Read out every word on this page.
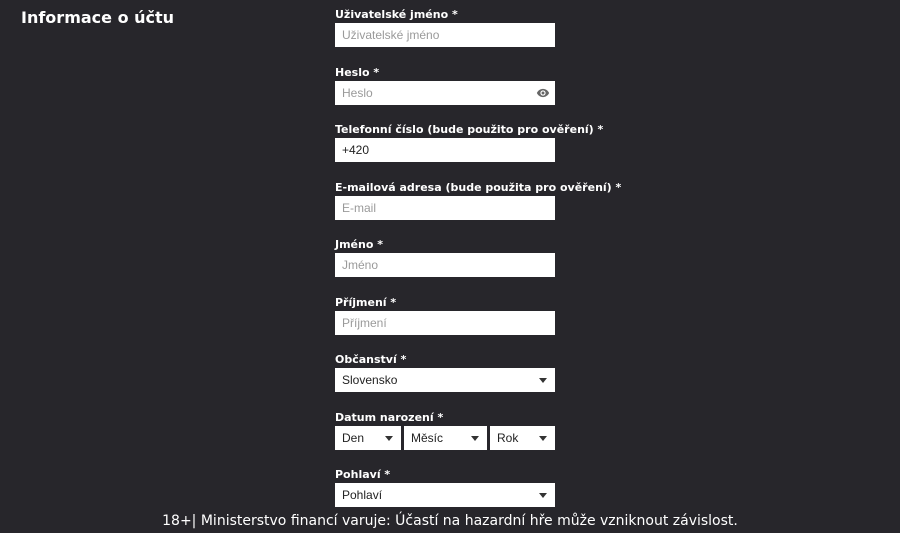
Informace o účtu	Uživatelské jméno *
Uživatelské jméno
Heslo *
Telefonní číslo (bude použito pro ověření) *
+420
E-mailová adresa (bude použita pro ověření) *
E-mail
Jméno *
Jméno
Příjmení *
Příjmení
Občanství *
Slovensko
Datum narození *
Den	Měsíc	Rok
Pohlaví *
Pohlaví
18+| Ministerstvo financí varuje: Účastí na hazardní hře může vzniknout závislost.
